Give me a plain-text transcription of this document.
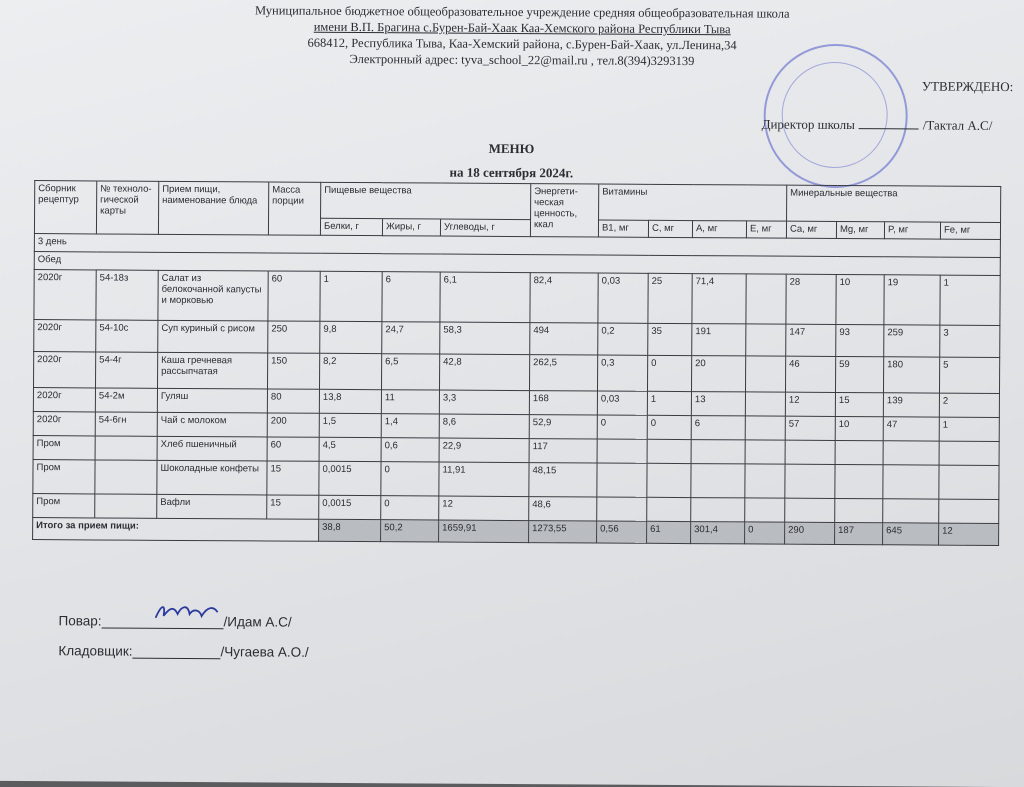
Муниципальное бюджетное общеобразовательное учреждение средняя общеобразовательная школа
имени В.П. Брагина с.Бурен-Бай-Хаак Каа-Хемского района Республики Тыва
668412, Республика Тыва, Каа-Хемский района, с.Бурен-Бай-Хаак, ул.Ленина,34
Электронный адрес: tyva_school_22@mail.ru , тел.8(394)3293139
УТВЕРЖДЕНО:
Директор школы	/Тактал А.С/
МЕНЮ
на 18 сентября 2024г.
Сборник рецептур	№ техноло-гической карты	Прием пищи, наименование блюда	Масса порции	Пищевые вещества			Энергети-ческая ценность, ккал	Витамины				Минеральные вещества			
				Белки, г	Жиры, г	Углеводы, г		B1, мг	C, мг	A, мг	E, мг	Ca, мг	Mg, мг	P, мг	Fe, мг
3 день															
Обед															
2020г	54-18з	Салат из белокочанной капусты и морковью	60	1	6	6,1	82,4	0,03	25	71,4		28	10	19	1
2020г	54-10с	Суп куриный с рисом	250	9,8	24,7	58,3	494	0,2	35	191		147	93	259	3
2020г	54-4г	Каша гречневая рассыпчатая	150	8,2	6,5	42,8	262,5	0,3	0	20		46	59	180	5
2020г	54-2м	Гуляш	80	13,8	11	3,3	168	0,03	1	13		12	15	139	2
2020г	54-6гн	Чай с молоком	200	1,5	1,4	8,6	52,9	0	0	6		57	10	47	1
Пром		Хлеб пшеничный	60	4,5	0,6	22,9	117								
Пром		Шоколадные конфеты	15	0,0015	0	11,91	48,15								
Пром		Вафли	15	0,0015	0	12	48,6								
Итого за прием пищи:				38,8	50,2	1659,91	1273,55	0,56	61	301,4	0	290	187	645	12
Повар:	/Идам А.С/
Кладовщик:	/Чугаева А.О./
